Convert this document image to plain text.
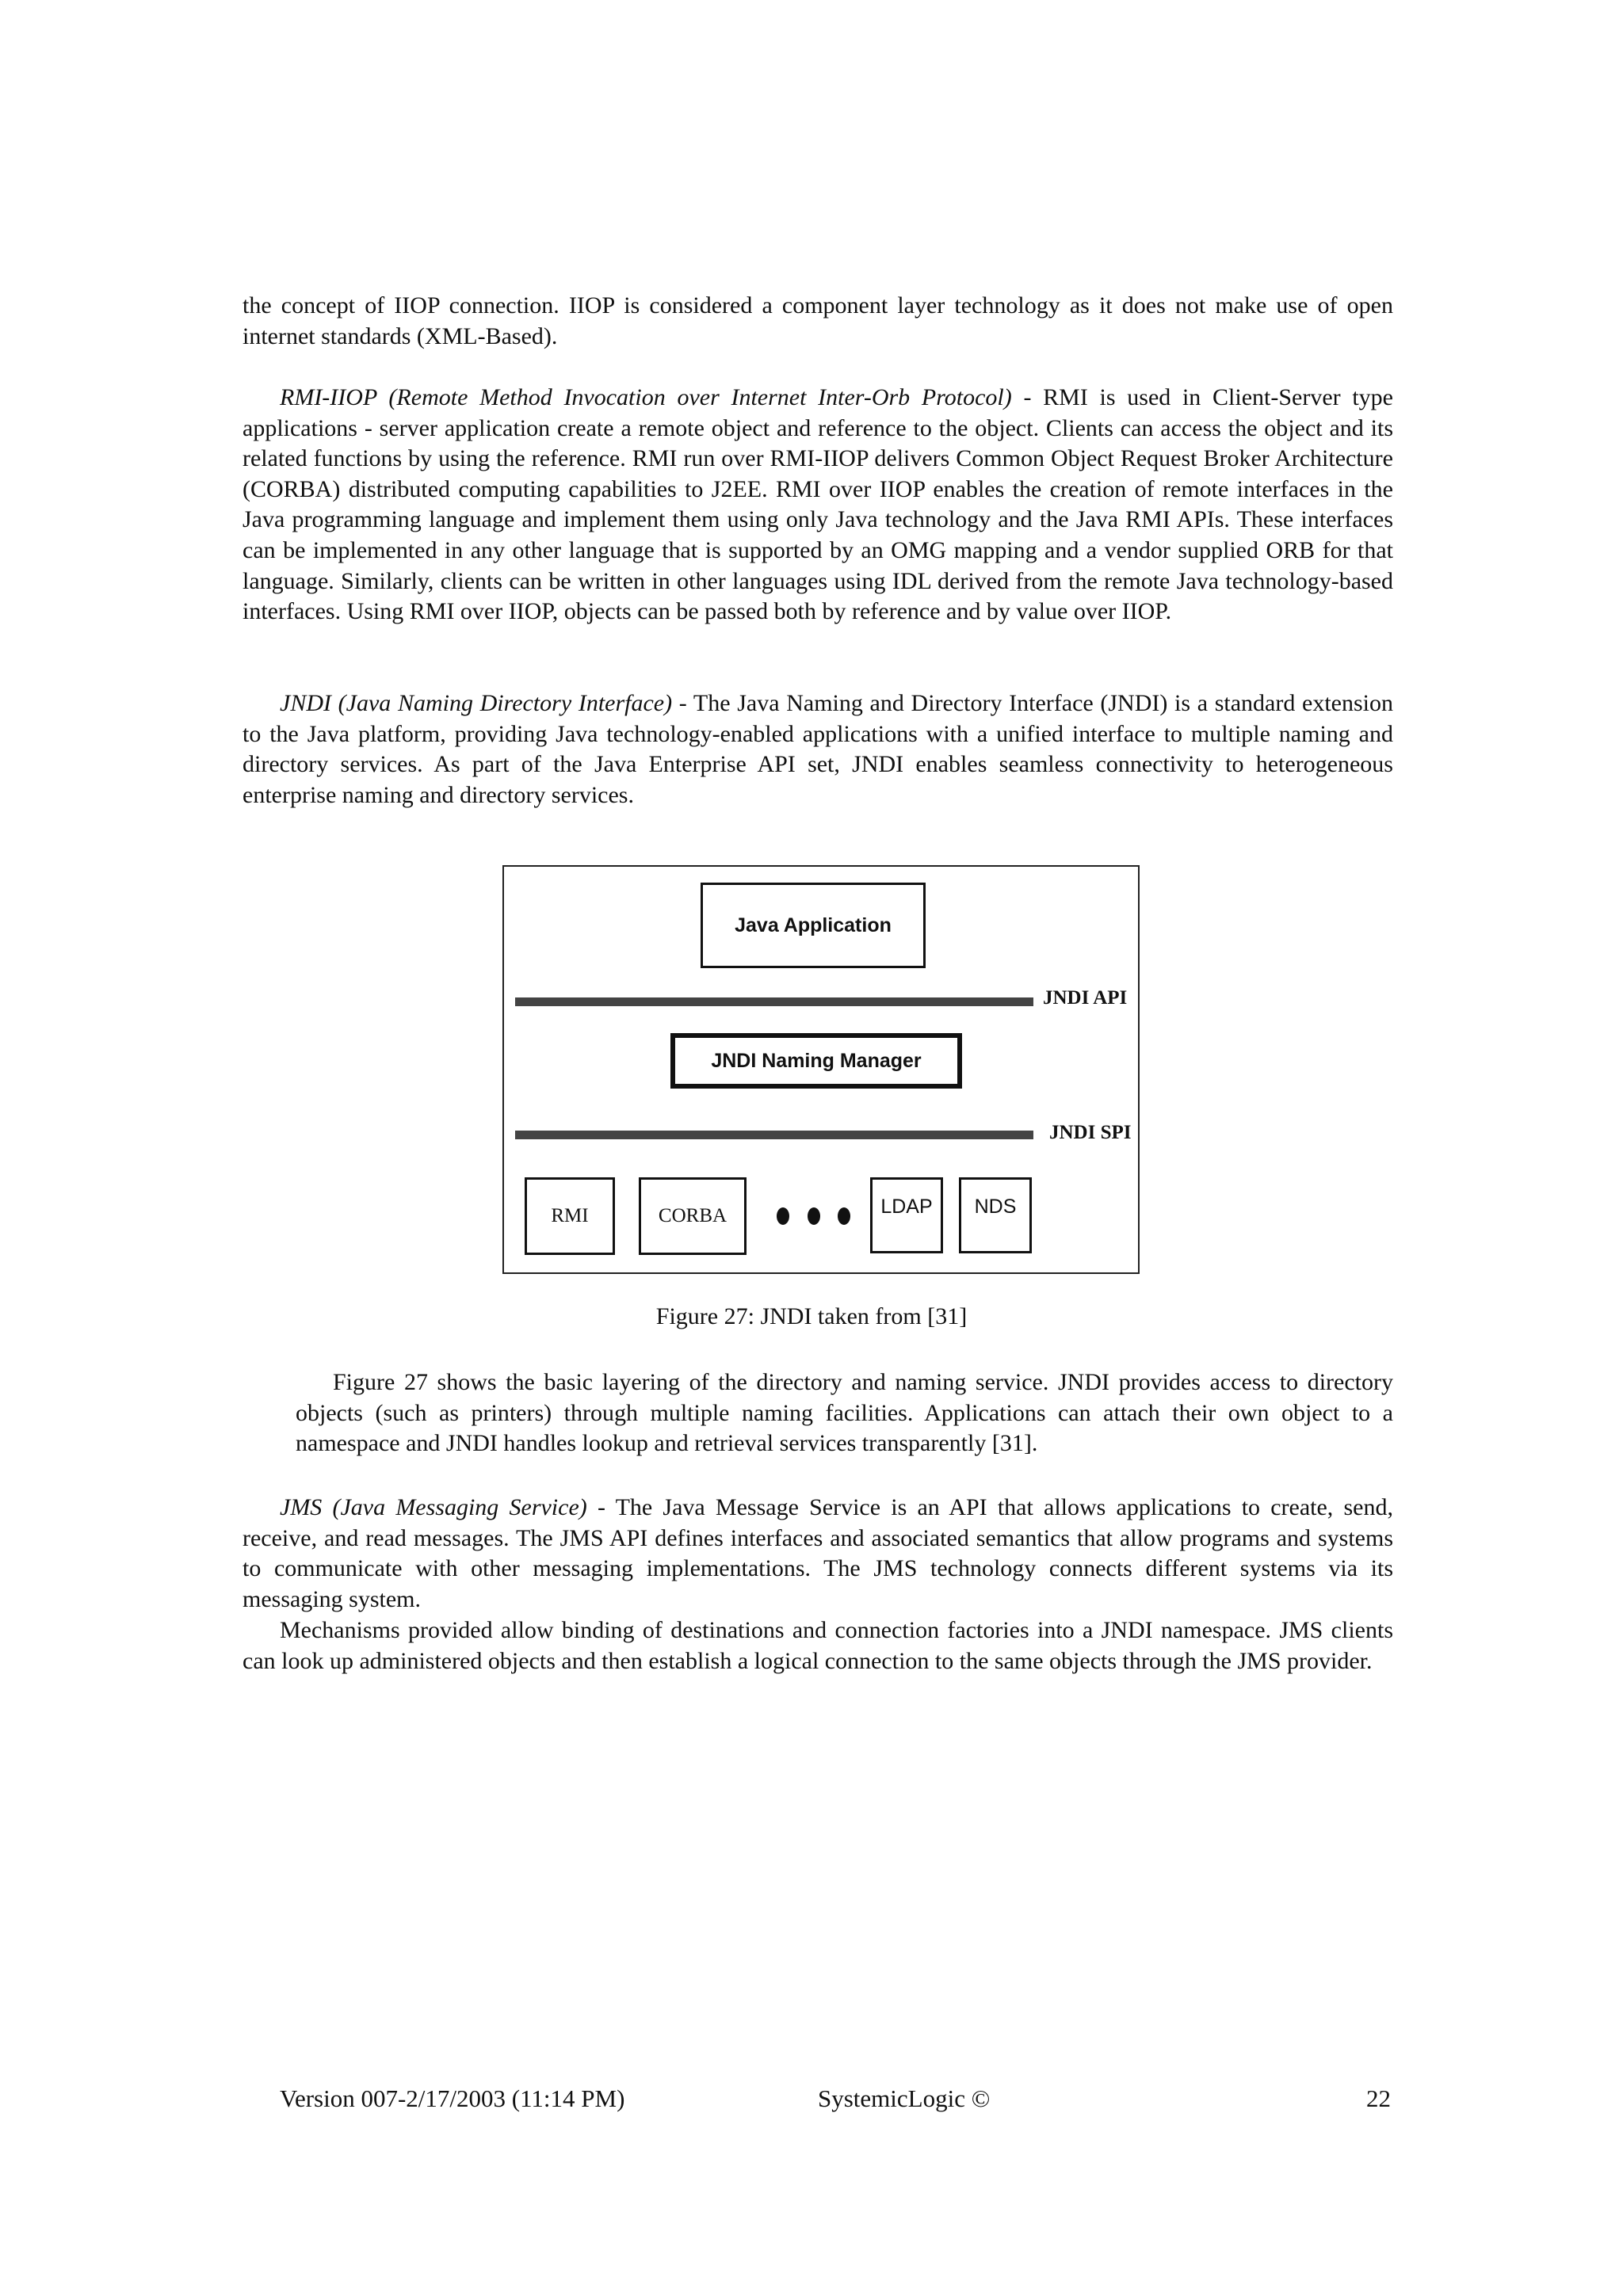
the concept of IIOP connection. IIOP is considered a component layer technology as it does not make use of open internet standards (XML-Based).

RMI-IIOP (Remote Method Invocation over Internet Inter-Orb Protocol) - RMI is used in Client-Server type applications - server application create a remote object and reference to the object. Clients can access the object and its related functions by using the reference. RMI run over RMI-IIOP delivers Common Object Request Broker Architecture (CORBA) distributed computing capabilities to J2EE. RMI over IIOP enables the creation of remote interfaces in the Java programming language and implement them using only Java technology and the Java RMI APIs. These interfaces can be implemented in any other language that is supported by an OMG mapping and a vendor supplied ORB for that language. Similarly, clients can be written in other languages using IDL derived from the remote Java technology-based interfaces. Using RMI over IIOP, objects can be passed both by reference and by value over IIOP.

JNDI (Java Naming Directory Interface) - The Java Naming and Directory Interface (JNDI) is a standard extension to the Java platform, providing Java technology-enabled applications with a unified interface to multiple naming and directory services. As part of the Java Enterprise API set, JNDI enables seamless connectivity to heterogeneous enterprise naming and directory services.

Java Application
JNDI API
JNDI Naming Manager
JNDI SPI
RMI	CORBA	LDAP	NDS
Figure 27: JNDI taken from [31]

Figure 27 shows the basic layering of the directory and naming service. JNDI provides access to directory objects (such as printers) through multiple naming facilities. Applications can attach their own object to a namespace and JNDI handles lookup and retrieval services transparently [31].

JMS (Java Messaging Service) - The Java Message Service is an API that allows applications to create, send, receive, and read messages. The JMS API defines interfaces and associated semantics that allow programs and systems to communicate with other messaging implementations. The JMS technology connects different systems via its messaging system.

Mechanisms provided allow binding of destinations and connection factories into a JNDI namespace. JMS clients can look up administered objects and then establish a logical connection to the same objects through the JMS provider.

Version 007-2/17/2003 (11:14 PM)	SystemicLogic ©	22
